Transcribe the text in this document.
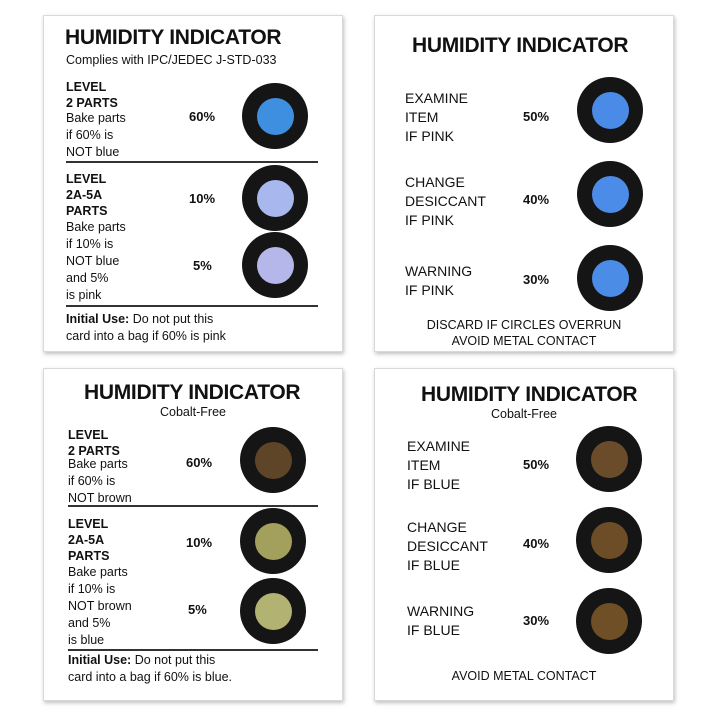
HUMIDITY INDICATOR
Complies with IPC/JEDEC J-STD-033
LEVEL
2 PARTS
Bake parts
if 60% is
NOT blue
60%
LEVEL
2A-5A
PARTS
Bake parts
if 10% is
NOT blue
and 5%
is pink
10%
5%
Initial Use: Do not put this
card into a bag if 60% is pink
HUMIDITY INDICATOR
EXAMINE
ITEM
IF PINK
50%
CHANGE
DESICCANT
IF PINK
40%
WARNING
IF PINK
30%
DISCARD IF CIRCLES OVERRUN
AVOID METAL CONTACT
HUMIDITY INDICATOR
Cobalt-Free
LEVEL
2 PARTS
Bake parts
if 60% is
NOT brown
60%
LEVEL
2A-5A
PARTS
Bake parts
if 10% is
NOT brown
and 5%
is blue
10%
5%
Initial Use: Do not put this
card into a bag if 60% is blue.
HUMIDITY INDICATOR
Cobalt-Free
EXAMINE
ITEM
IF BLUE
50%
CHANGE
DESICCANT
IF BLUE
40%
WARNING
IF BLUE
30%
AVOID METAL CONTACT
